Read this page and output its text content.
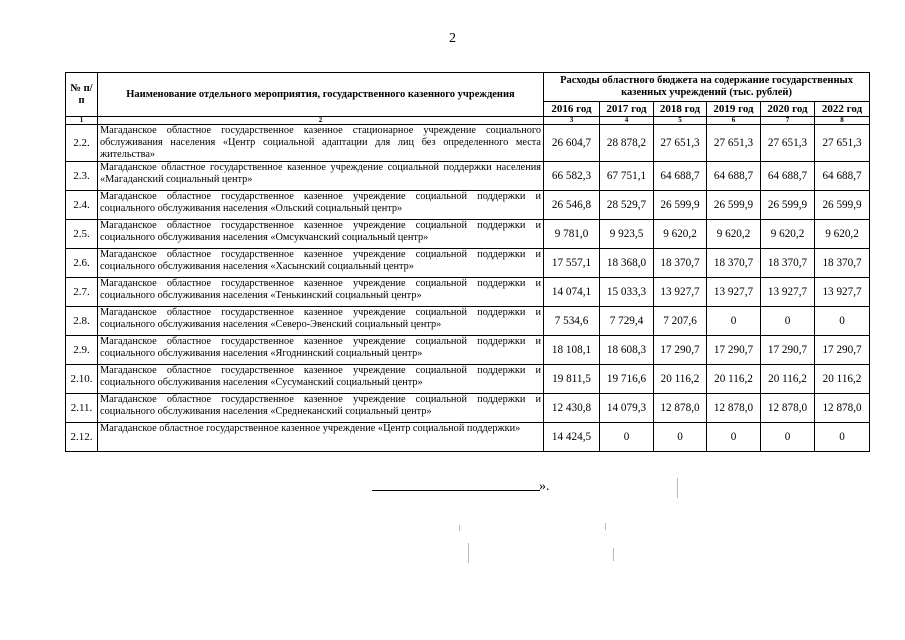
2
№ п/п	Наименование отдельного мероприятия, государственного казенного учреждения	Расходы областного бюджета на содержание государственных казенных учреждений (тыс. рублей)					
		2016 год	2017 год	2018 год	2019 год	2020 год	2022 год
1	2	3	4	5	6	7	8
2.2.	Магаданское областное государственное казенное стационарное учреждение социального обслуживания населения «Центр социальной адаптации для лиц без определенного места жительства»	26 604,7	28 878,2	27 651,3	27 651,3	27 651,3	27 651,3
2.3.	Магаданское областное государственное казенное учреждение социальной поддержки населения «Магаданский социальный центр»	66 582,3	67 751,1	64 688,7	64 688,7	64 688,7	64 688,7
2.4.	Магаданское областное государственное казенное учреждение социальной поддержки и социального обслуживания населения «Ольский социальный центр»	26 546,8	28 529,7	26 599,9	26 599,9	26 599,9	26 599,9
2.5.	Магаданское областное государственное казенное учреждение социальной поддержки и социального обслуживания населения «Омсукчанский социальный центр»	9 781,0	9 923,5	9 620,2	9 620,2	9 620,2	9 620,2
2.6.	Магаданское областное государственное казенное учреждение социальной поддержки и социального обслуживания населения «Хасынский социальный центр»	17 557,1	18 368,0	18 370,7	18 370,7	18 370,7	18 370,7
2.7.	Магаданское областное государственное казенное учреждение социальной поддержки и социального обслуживания населения «Тенькинский социальный центр»	14 074,1	15 033,3	13 927,7	13 927,7	13 927,7	13 927,7
2.8.	Магаданское областное государственное казенное учреждение социальной поддержки и социального обслуживания населения «Северо-Эвенский социальный центр»	7 534,6	7 729,4	7 207,6	0	0	0
2.9.	Магаданское областное государственное казенное учреждение социальной поддержки и социального обслуживания населения «Ягоднинский социальный центр»	18 108,1	18 608,3	17 290,7	17 290,7	17 290,7	17 290,7
2.10.	Магаданское областное государственное казенное учреждение социальной поддержки и социального обслуживания населения «Сусуманский социальный центр»	19 811,5	19 716,6	20 116,2	20 116,2	20 116,2	20 116,2
2.11.	Магаданское областное государственное казенное учреждение социальной поддержки и социального обслуживания населения «Среднеканский социальный центр»	12 430,8	14 079,3	12 878,0	12 878,0	12 878,0	12 878,0
2.12.	Магаданское областное государственное казенное учреждение «Центр социальной поддержки»	14 424,5	0	0	0	0	0
».
